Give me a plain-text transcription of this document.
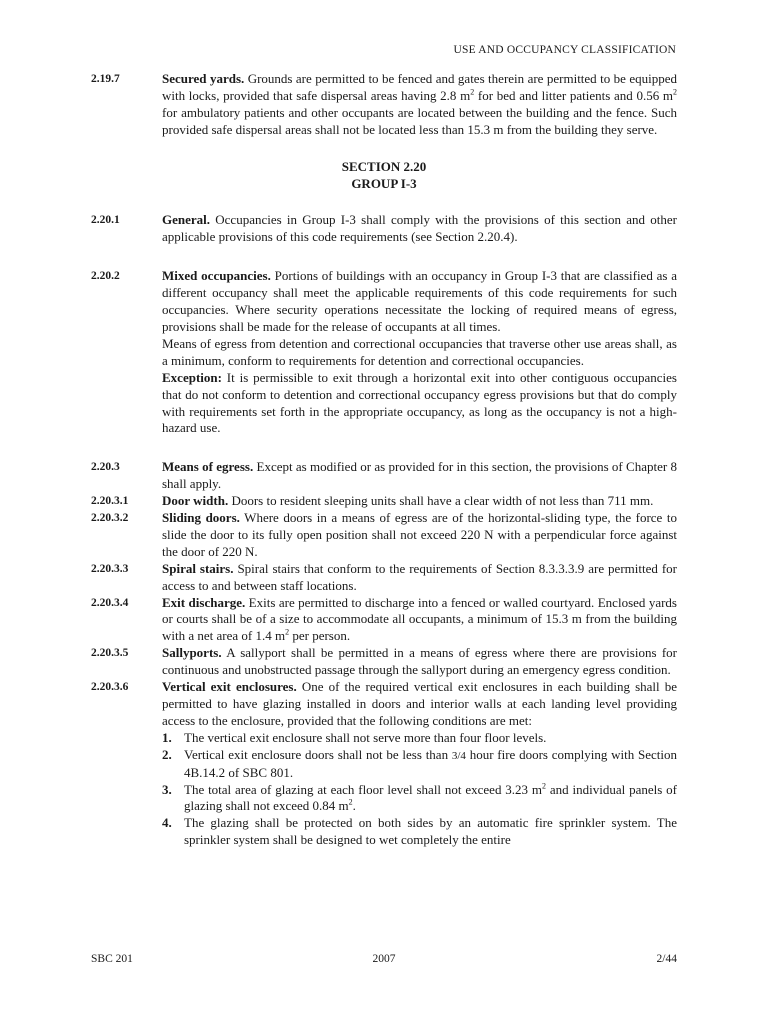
USE AND OCCUPANCY CLASSIFICATION
2.19.7	Secured yards. Grounds are permitted to be fenced and gates therein are permitted to be equipped with locks, provided that safe dispersal areas having 2.8 $m^2$ for bed and litter patients and 0.56 $m^2$ for ambulatory patients and other occupants are located between the building and the fence. Such provided safe dispersal areas shall not be located less than 15.3 m from the building they serve.
SECTION 2.20
GROUP I-3
2.20.1	General. Occupancies in Group I-3 shall comply with the provisions of this section and other applicable provisions of this code requirements (see Section 2.20.4).
2.20.2	Mixed occupancies. Portions of buildings with an occupancy in Group I-3 that are classified as a different occupancy shall meet the applicable requirements of this code requirements for such occupancies. Where security operations necessitate the locking of required means of egress, provisions shall be made for the release of occupants at all times.
Means of egress from detention and correctional occupancies that traverse other use areas shall, as a minimum, conform to requirements for detention and correctional occupancies.
Exception: It is permissible to exit through a horizontal exit into other contiguous occupancies that do not conform to detention and correctional occupancy egress provisions but that do comply with requirements set forth in the appropriate occupancy, as long as the occupancy is not a high-hazard use.
2.20.3	Means of egress. Except as modified or as provided for in this section, the provisions of Chapter 8 shall apply.
2.20.3.1	Door width. Doors to resident sleeping units shall have a clear width of not less than 711 mm.
2.20.3.2	Sliding doors. Where doors in a means of egress are of the horizontal-sliding type, the force to slide the door to its fully open position shall not exceed 220 N with a perpendicular force against the door of 220 N.
2.20.3.3	Spiral stairs. Spiral stairs that conform to the requirements of Section 8.3.3.3.9 are permitted for access to and between staff locations.
2.20.3.4	Exit discharge. Exits are permitted to discharge into a fenced or walled courtyard. Enclosed yards or courts shall be of a size to accommodate all occupants, a minimum of 15.3 m from the building with a net area of 1.4 $m^2$ per person.
2.20.3.5	Sallyports. A sallyport shall be permitted in a means of egress where there are provisions for continuous and unobstructed passage through the sallyport during an emergency egress condition.
2.20.3.6	Vertical exit enclosures. One of the required vertical exit enclosures in each building shall be permitted to have glazing installed in doors and interior walls at each landing level providing access to the enclosure, provided that the following conditions are met:
1. The vertical exit enclosure shall not serve more than four floor levels.
2. Vertical exit enclosure doors shall not be less than 3/4 hour fire doors complying with Section 4B.14.2 of SBC 801.
3. The total area of glazing at each floor level shall not exceed 3.23 $m^2$ and individual panels of glazing shall not exceed 0.84 $m^2$.
4. The glazing shall be protected on both sides by an automatic fire sprinkler system. The sprinkler system shall be designed to wet completely the entire
SBC 201	2007	2/44
